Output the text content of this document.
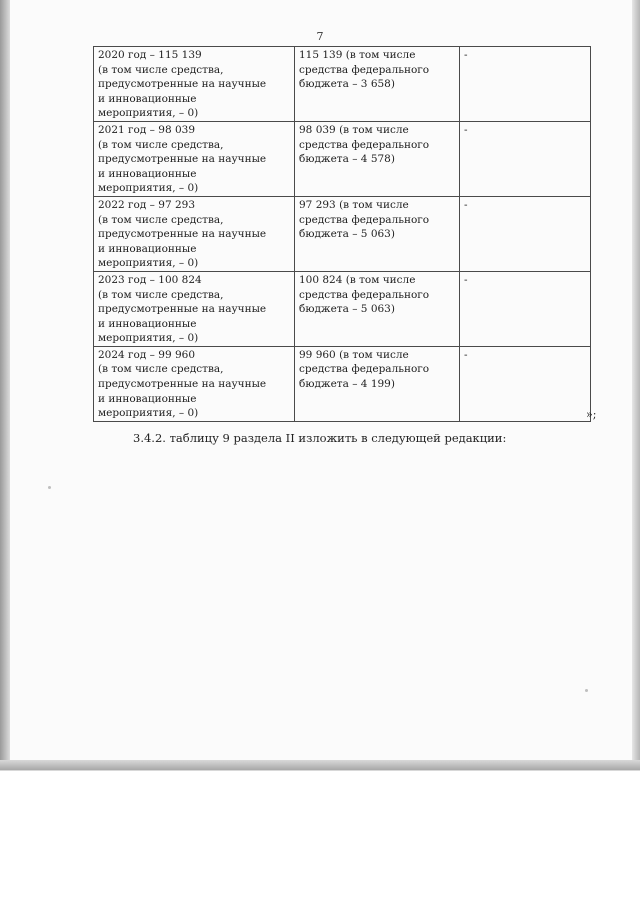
7
2020 год – 115 139
(в том числе средства,
предусмотренные на научные
и инновационные
мероприятия, – 0)	115 139 (в том числе
средства федерального
бюджета – 3 658)	-

2021 год – 98 039
(в том числе средства,
предусмотренные на научные
и инновационные
мероприятия, – 0)	98 039 (в том числе
средства федерального
бюджета – 4 578)	-

2022 год – 97 293
(в том числе средства,
предусмотренные на научные
и инновационные
мероприятия, – 0)	97 293 (в том числе
средства федерального
бюджета – 5 063)	-

2023 год – 100 824
(в том числе средства,
предусмотренные на научные
и инновационные
мероприятия, – 0)	100 824 (в том числе
средства федерального
бюджета – 5 063)	-

2024 год – 99 960
(в том числе средства,
предусмотренные на научные
и инновационные
мероприятия, – 0)	99 960 (в том числе
средства федерального
бюджета – 4 199)	-
»;
3.4.2. таблицу 9 раздела II изложить в следующей редакции:
